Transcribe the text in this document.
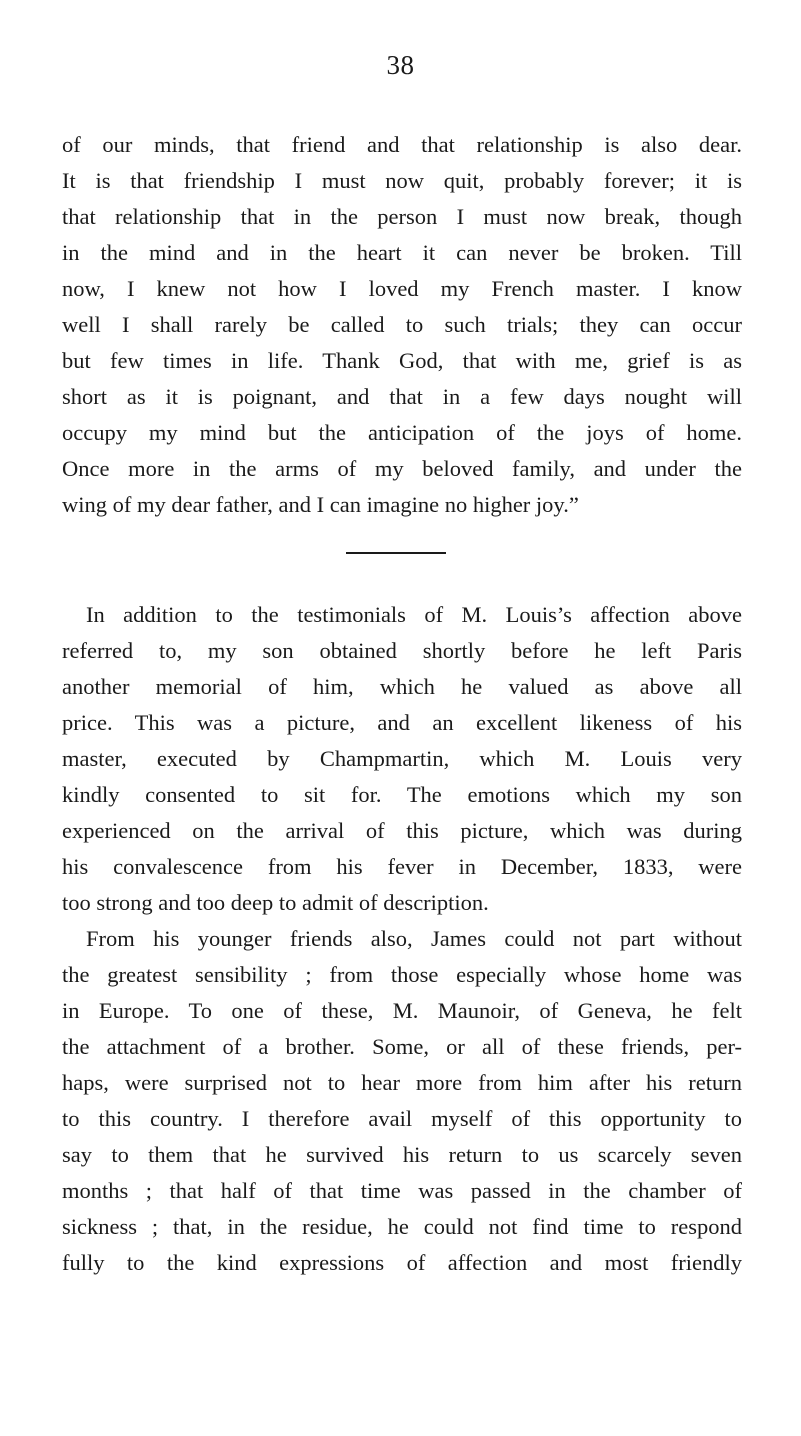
38
of our minds, that friend and that relationship is also dear.
It is that friendship I must now quit, probably forever; it is
that relationship that in the person I must now break, though
in the mind and in the heart it can never be broken. Till
now, I knew not how I loved my French master. I know
well I shall rarely be called to such trials; they can occur
but few times in life. Thank God, that with me, grief is as
short as it is poignant, and that in a few days nought will
occupy my mind but the anticipation of the joys of home.
Once more in the arms of my beloved family, and under the
wing of my dear father, and I can imagine no higher joy.”
In addition to the testimonials of M. Louis’s affection above
referred to, my son obtained shortly before he left Paris
another memorial of him, which he valued as above all
price. This was a picture, and an excellent likeness of his
master, executed by Champmartin, which M. Louis very
kindly consented to sit for. The emotions which my son
experienced on the arrival of this picture, which was during
his convalescence from his fever in December, 1833, were
too strong and too deep to admit of description.
From his younger friends also, James could not part without
the greatest sensibility ; from those especially whose home was
in Europe. To one of these, M. Maunoir, of Geneva, he felt
the attachment of a brother. Some, or all of these friends, per-
haps, were surprised not to hear more from him after his return
to this country. I therefore avail myself of this opportunity to
say to them that he survived his return to us scarcely seven
months ; that half of that time was passed in the chamber of
sickness ; that, in the residue, he could not find time to respond
fully to the kind expressions of affection and most friendly
